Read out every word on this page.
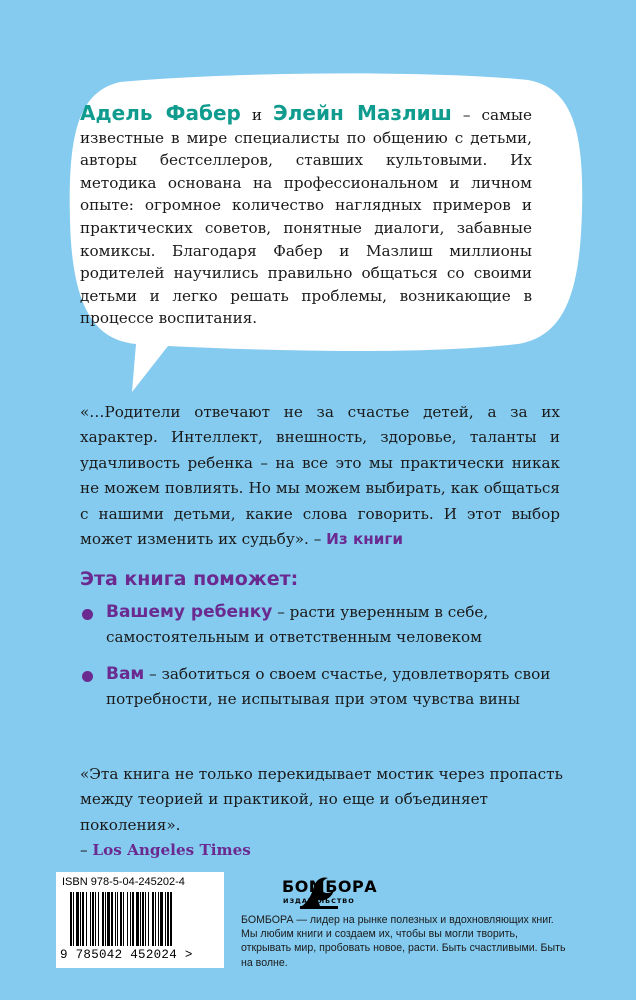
Адель Фабер и Элейн Мазлиш – самые известные в мире специалисты по общению с детьми, авторы бестселлеров, ставших культовыми. Их методика основана на профессиональном и личном опыте: огромное количество наглядных примеров и практических советов, понятные диалоги, забавные комиксы. Благодаря Фабер и Мазлиш миллионы родителей научились правильно общаться со своими детьми и легко решать проблемы, возникающие в процессе воспитания.
«…Родители отвечают не за счастье детей, а за их характер. Интеллект, внешность, здоровье, таланты и удачливость ребенка – на все это мы практически никак не можем повлиять. Но мы можем выбирать, как общаться с нашими детьми, какие слова говорить. И этот выбор может изменить их судьбу». – Из книги
Эта книга поможет:
Вашему ребенку – расти уверенным в себе, самостоятельным и ответственным человеком
Вам – заботиться о своем счастье, удовлетворять свои потребности, не испытывая при этом чувства вины
«Эта книга не только перекидывает мостик через пропасть между теорией и практикой, но еще и объединяет поколения».
– Los Angeles Times
ISBN 978-5-04-245202-4
9 785042 452024 >
БОМБОРА
ИЗДАТЕЛЬСТВО
БОМБОРА — лидер на рынке полезных и вдохновляющих книг. Мы любим книги и создаем их, чтобы вы могли творить, открывать мир, пробовать новое, расти. Быть счастливыми. Быть на волне.
